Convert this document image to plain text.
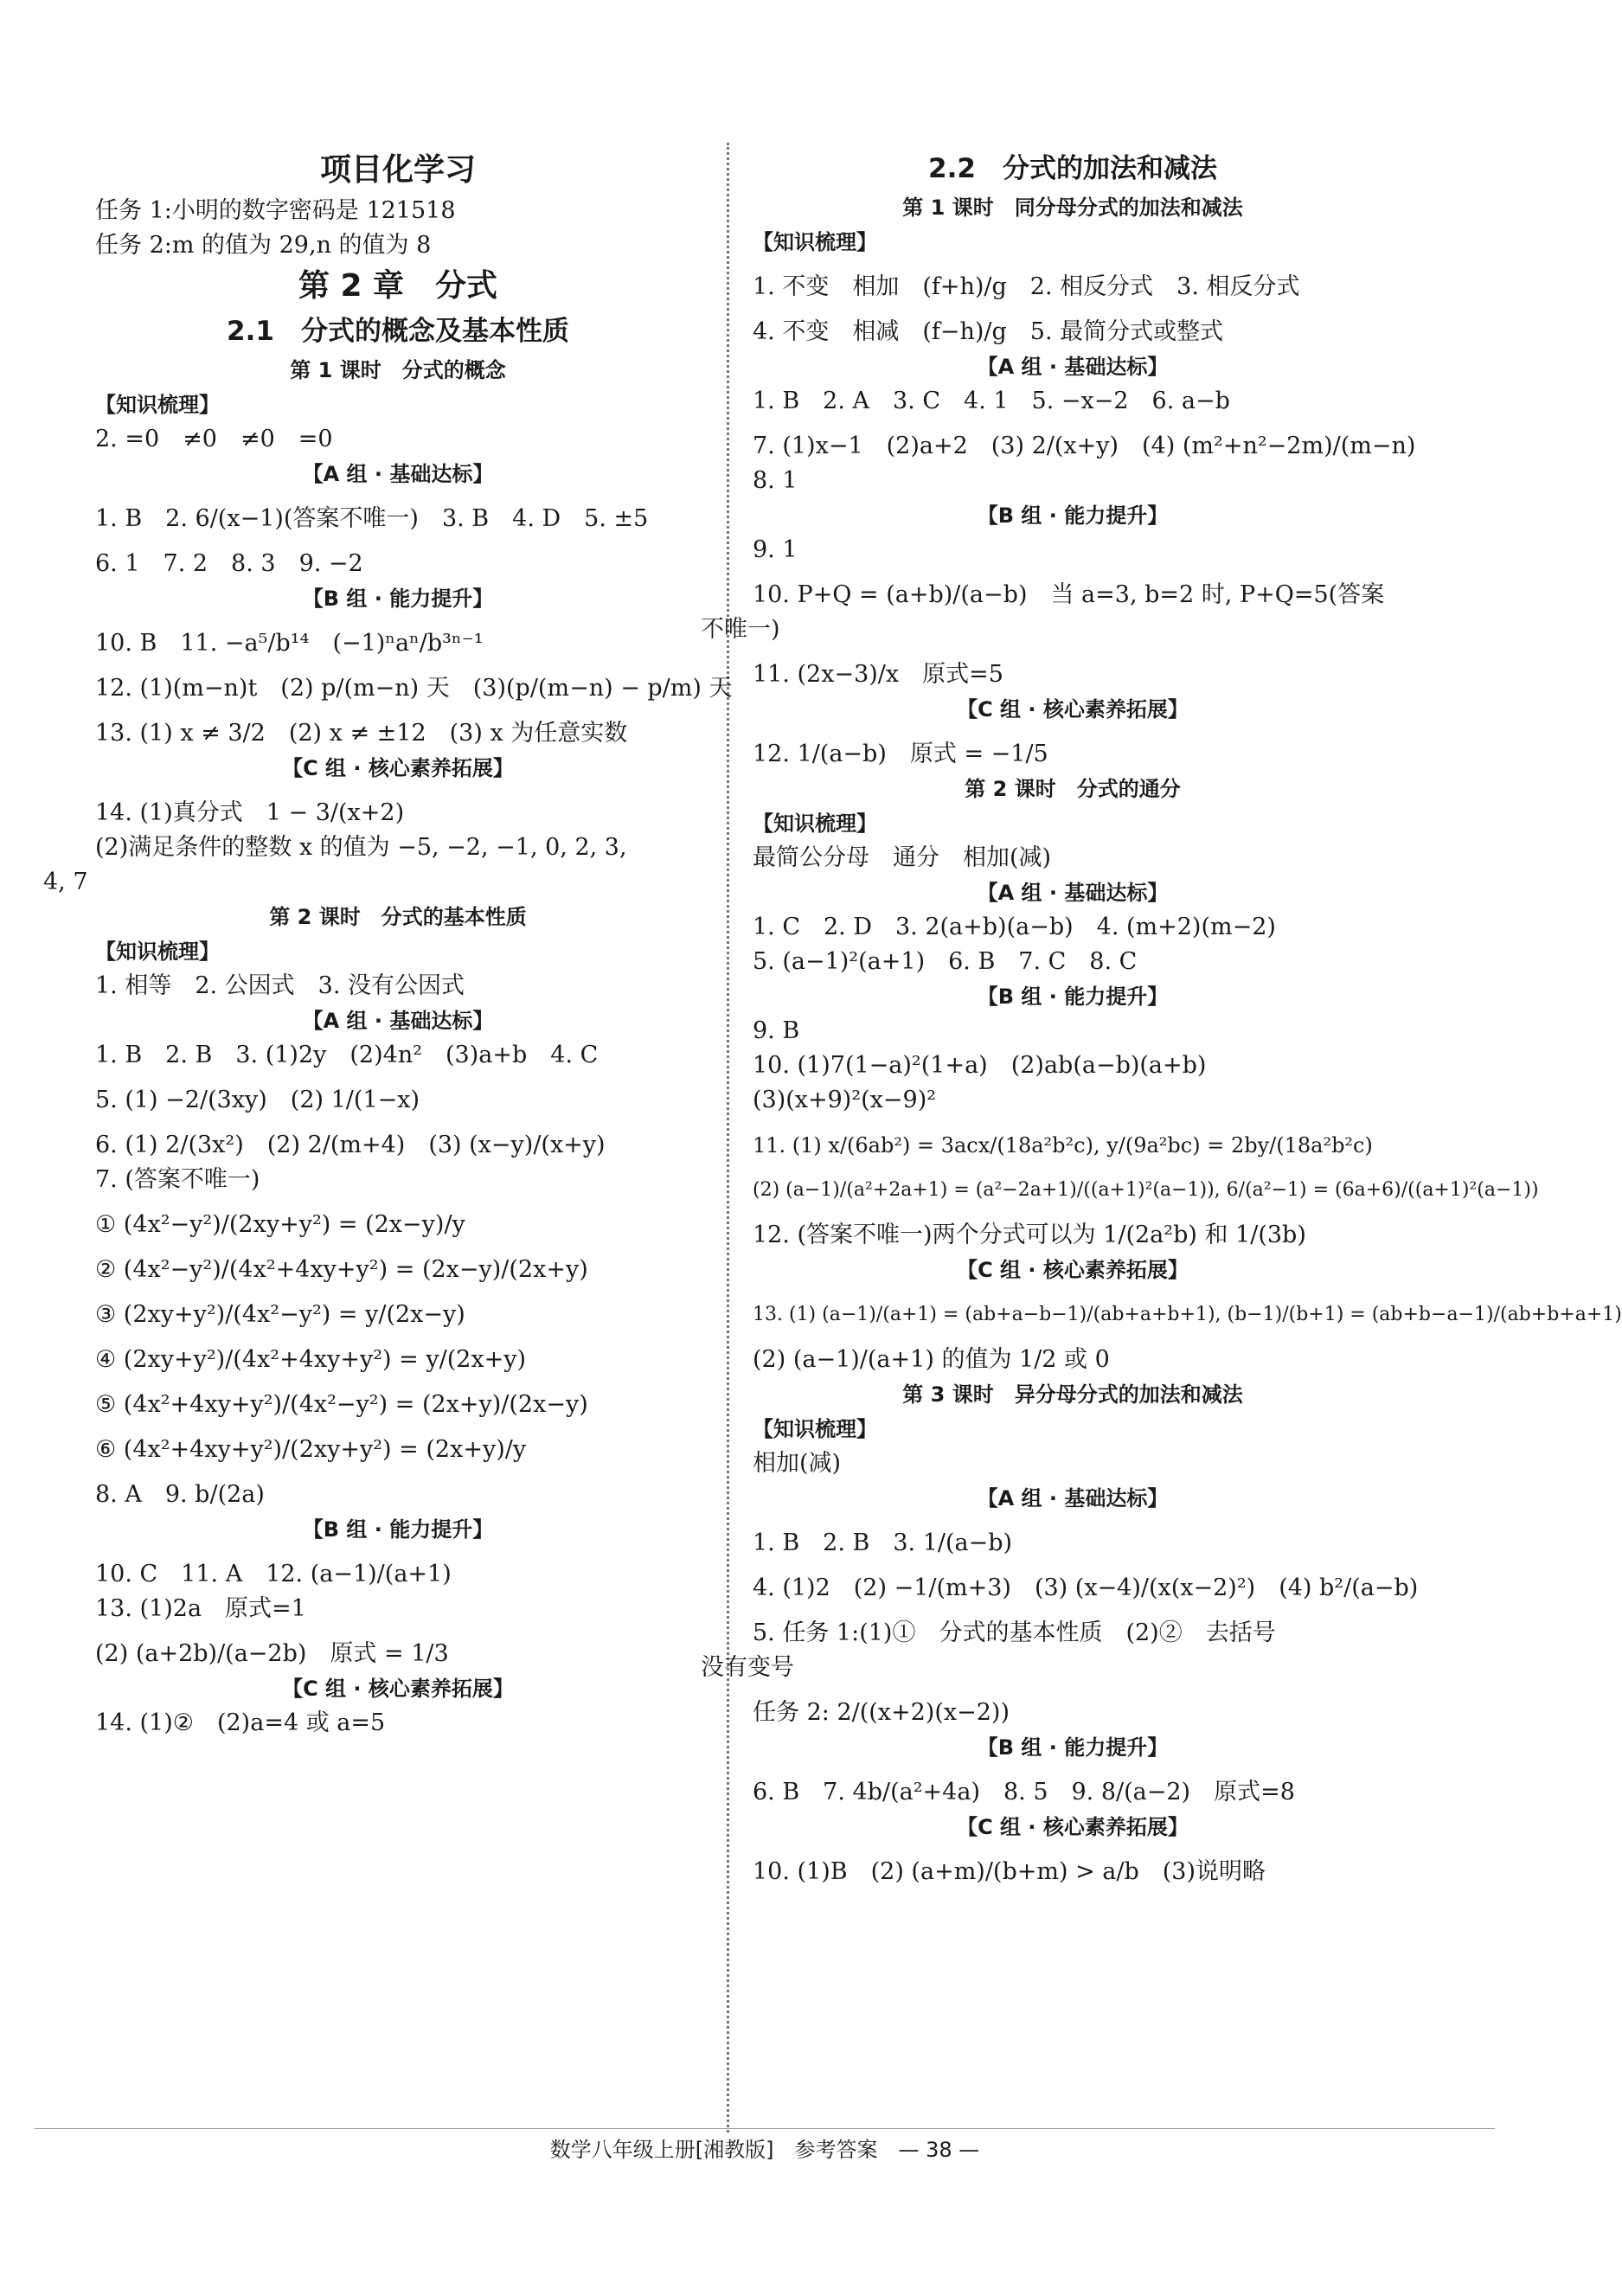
项目化学习
任务 1:小明的数字密码是 121518
任务 2:m 的值为 29,n 的值为 8
第 2 章　分式
2.1　分式的概念及基本性质
第 1 课时　分式的概念
【知识梳理】
2. =0　≠0　≠0　=0
【A 组 · 基础达标】
1. B　2. 6/(x−1)(答案不唯一)　3. B　4. D　5. ±5
6. 1　7. 2　8. 3　9. −2
【B 组 · 能力提升】
10. B　11. −a⁵/b¹⁴　(−1)ⁿaⁿ/b³ⁿ⁻¹
12. (1)(m−n)t　(2) p/(m−n) 天　(3)(p/(m−n) − p/m) 天
13. (1) x ≠ 3/2　(2) x ≠ ±12　(3) x 为任意实数
【C 组 · 核心素养拓展】
14. (1)真分式　1 − 3/(x+2)
(2)满足条件的整数 x 的值为 −5, −2, −1, 0, 2, 3,
4, 7
第 2 课时　分式的基本性质
【知识梳理】
1. 相等　2. 公因式　3. 没有公因式
【A 组 · 基础达标】
1. B　2. B　3. (1)2y　(2)4n²　(3)a+b　4. C
5. (1) −2/(3xy)　(2) 1/(1−x)
6. (1) 2/(3x²)　(2) 2/(m+4)　(3) (x−y)/(x+y)
7. (答案不唯一)
① (4x²−y²)/(2xy+y²) = (2x−y)/y
② (4x²−y²)/(4x²+4xy+y²) = (2x−y)/(2x+y)
③ (2xy+y²)/(4x²−y²) = y/(2x−y)
④ (2xy+y²)/(4x²+4xy+y²) = y/(2x+y)
⑤ (4x²+4xy+y²)/(4x²−y²) = (2x+y)/(2x−y)
⑥ (4x²+4xy+y²)/(2xy+y²) = (2x+y)/y
8. A　9. b/(2a)
【B 组 · 能力提升】
10. C　11. A　12. (a−1)/(a+1)
13. (1)2a　原式=1
(2) (a+2b)/(a−2b)　原式 = 1/3
【C 组 · 核心素养拓展】
14. (1)②　(2)a=4 或 a=5
2.2　分式的加法和减法
第 1 课时　同分母分式的加法和减法
【知识梳理】
1. 不变　相加　(f+h)/g　2. 相反分式　3. 相反分式
4. 不变　相减　(f−h)/g　5. 最简分式或整式
【A 组 · 基础达标】
1. B　2. A　3. C　4. 1　5. −x−2　6. a−b
7. (1)x−1　(2)a+2　(3) 2/(x+y)　(4) (m²+n²−2m)/(m−n)
8. 1
【B 组 · 能力提升】
9. 1
10. P+Q = (a+b)/(a−b)　当 a=3, b=2 时, P+Q=5(答案
不唯一)
11. (2x−3)/x　原式=5
【C 组 · 核心素养拓展】
12. 1/(a−b)　原式 = −1/5
第 2 课时　分式的通分
【知识梳理】
最简公分母　通分　相加(减)
【A 组 · 基础达标】
1. C　2. D　3. 2(a+b)(a−b)　4. (m+2)(m−2)
5. (a−1)²(a+1)　6. B　7. C　8. C
【B 组 · 能力提升】
9. B
10. (1)7(1−a)²(1+a)　(2)ab(a−b)(a+b)
(3)(x+9)²(x−9)²
11. (1) x/(6ab²) = 3acx/(18a²b²c), y/(9a²bc) = 2by/(18a²b²c)
(2) (a−1)/(a²+2a+1) = (a²−2a+1)/((a+1)²(a−1)), 6/(a²−1) = (6a+6)/((a+1)²(a−1))
12. (答案不唯一)两个分式可以为 1/(2a²b) 和 1/(3b)
【C 组 · 核心素养拓展】
13. (1) (a−1)/(a+1) = (ab+a−b−1)/(ab+a+b+1), (b−1)/(b+1) = (ab+b−a−1)/(ab+b+a+1)
(2) (a−1)/(a+1) 的值为 1/2 或 0
第 3 课时　异分母分式的加法和减法
【知识梳理】
相加(减)
【A 组 · 基础达标】
1. B　2. B　3. 1/(a−b)
4. (1)2　(2) −1/(m+3)　(3) (x−4)/(x(x−2)²)　(4) b²/(a−b)
5. 任务 1:(1)①　分式的基本性质　(2)②　去括号
没有变号
任务 2: 2/((x+2)(x−2))
【B 组 · 能力提升】
6. B　7. 4b/(a²+4a)　8. 5　9. 8/(a−2)　原式=8
【C 组 · 核心素养拓展】
10. (1)B　(2) (a+m)/(b+m) > a/b　(3)说明略
数学八年级上册[湘教版]　参考答案　— 38 —
